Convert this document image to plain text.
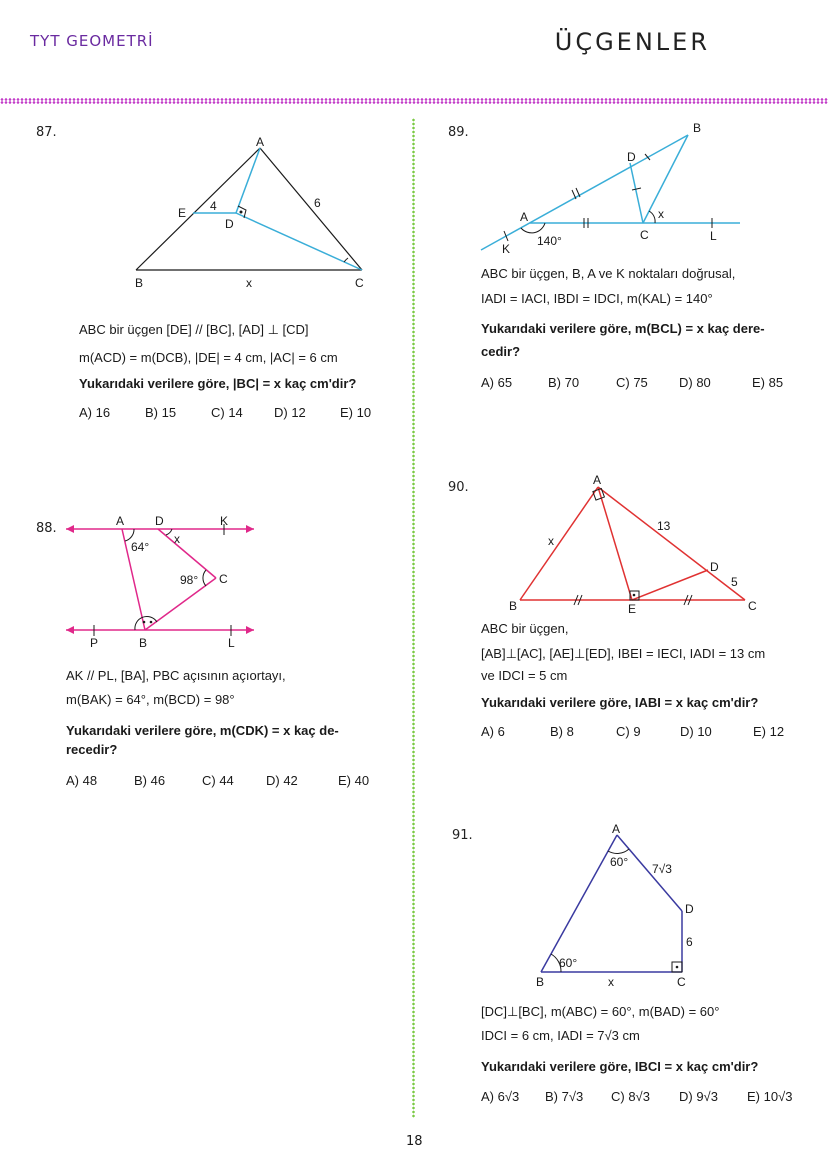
TYT GEOMETRİ	ÜÇGENLER
87.
A
B	C
D
E
x
4	6
ABC bir üçgen [DE] // [BC], [AD] ⊥ [CD]
m(ACD) = m(DCB), |DE| = 4 cm, |AC| = 6 cm
Yukarıdaki verilere göre, |BC| = x kaç cm'dir?
A) 16	B) 15	C) 14	D) 12	E) 10
88.	A	D	K
P	B	L
C
x
64°
98°
AK // PL, [BA], PBC açısının açıortayı,
m(BAK) = 64°, m(BCD) = 98°
Yukarıdaki verilere göre, m(CDK) = x kaç de-
recedir?
A) 48	B) 46	C) 44	D) 42	E) 40
89.	B
D
A
K
C	L
x
140°
ABC bir üçgen, B, A ve K noktaları doğrusal,
IADI = IACI, IBDI = IDCI, m(KAL) = 140°
Yukarıdaki verilere göre, m(BCL) = x kaç dere-
cedir?
A) 65	B) 70	C) 75	D) 80	E) 85
90.	A
B	C
D
E
x
13
5
ABC bir üçgen,
[AB]⊥[AC], [AE]⊥[ED], IBEI = IECI, IADI = 13 cm
ve IDCI = 5 cm
Yukarıdaki verilere göre, IABI = x kaç cm'dir?
A) 6	B) 8	C) 9	D) 10	E) 12
91.	A
B	C
D
x
6
60°
60°
7√3
[DC]⊥[BC], m(ABC) = 60°, m(BAD) = 60°
IDCI = 6 cm, IADI = 7√3 cm
Yukarıdaki verilere göre, IBCI = x kaç cm'dir?
A) 6√3	B) 7√3	C) 8√3	D) 9√3	E) 10√3
18
